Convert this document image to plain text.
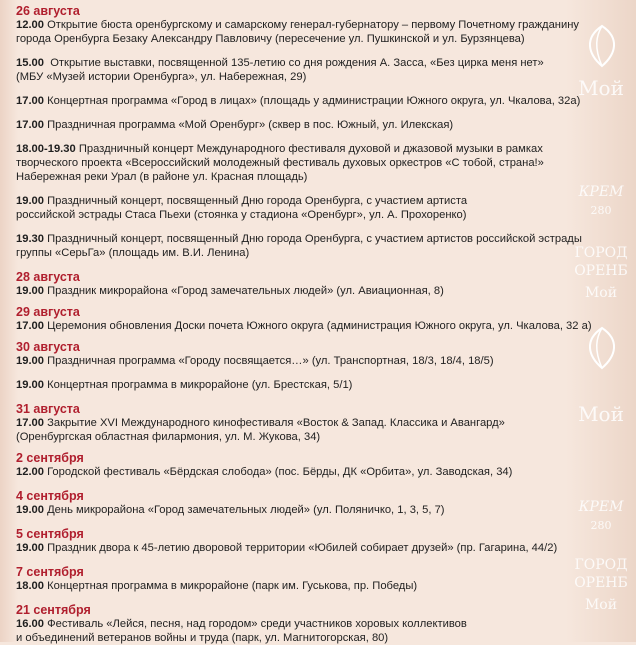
Мой
КРЕМ
280
ГОРОД
ОРЕНБ
Мой
Мой
КРЕМ
280
ГОРОД
ОРЕНБ
Мой
26 августа

12.00 Открытие бюста оренбургскому и самарскому генерал-губернатору – первому Почетному гражданину
города Оренбурга Безаку Александру Павловичу (пересечение ул. Пушкинской и ул. Бурзянцева)

15.00 Открытие выставки, посвященной 135-летию со дня рождения А. Засса, «Без цирка меня нет»
(МБУ «Музей истории Оренбурга», ул. Набережная, 29)

17.00 Концертная программа «Город в лицах» (площадь у администрации Южного округа, ул. Чкалова, 32а)

17.00 Праздничная программа «Мой Оренбург» (сквер в пос. Южный, ул. Илекская)

18.00-19.30 Праздничный концерт Международного фестиваля духовой и джазовой музыки в рамках
творческого проекта «Всероссийский молодежный фестиваль духовых оркестров «С тобой, страна!»
Набережная реки Урал (в районе ул. Красная площадь)

19.00 Праздничный концерт, посвященный Дню города Оренбурга, с участием артиста
российской эстрады Стаса Пьехи (стоянка у стадиона «Оренбург», ул. А. Прохоренко)

19.30 Праздничный концерт, посвященный Дню города Оренбурга, с участием артистов российской эстрады
группы «СерьГа» (площадь им. В.И. Ленина)

28 августа

19.00 Праздник микрорайона «Город замечательных людей» (ул. Авиационная, 8)

29 августа

17.00 Церемония обновления Доски почета Южного округа (администрация Южного округа, ул. Чкалова, 32 а)

30 августа

19.00 Праздничная программа «Городу посвящается…» (ул. Транспортная, 18/3, 18/4, 18/5)

19.00 Концертная программа в микрорайоне (ул. Брестская, 5/1)

31 августа

17.00 Закрытие XVI Международного кинофестиваля «Восток & Запад. Классика и Авангард»
(Оренбургская областная филармония, ул. М. Жукова, 34)

2 сентября

12.00 Городской фестиваль «Бёрдская слобода» (пос. Бёрды, ДК «Орбита», ул. Заводская, 34)

4 сентября

19.00 День микрорайона «Город замечательных людей» (ул. Поляничко, 1, 3, 5, 7)

5 сентября

19.00 Праздник двора к 45-летию дворовой территории «Юбилей собирает друзей» (пр. Гагарина, 44/2)

7 сентября

18.00 Концертная программа в микрорайоне (парк им. Гуськова, пр. Победы)

21 сентября

16.00 Фестиваль «Лейся, песня, над городом» среди участников хоровых коллективов
и объединений ветеранов войны и труда (парк, ул. Магнитогорская, 80)
